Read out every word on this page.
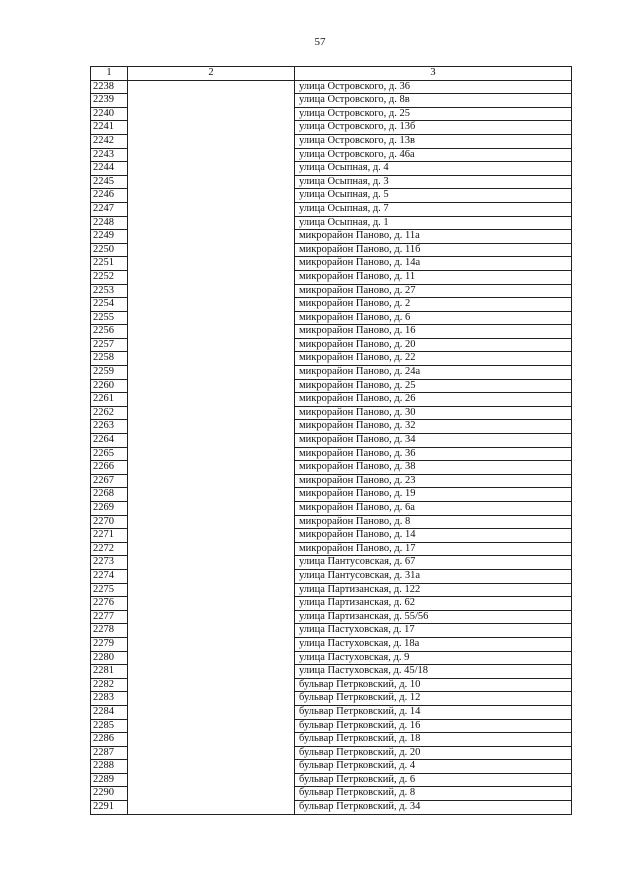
57
1	2	3
2238		улица Островского, д. 36
2239		улица Островского, д. 8в
2240		улица Островского, д. 25
2241		улица Островского, д. 13б
2242		улица Островского, д. 13в
2243		улица Островского, д. 46а
2244		улица Осыпная, д. 4
2245		улица Осыпная, д. 3
2246		улица Осыпная, д. 5
2247		улица Осыпная, д. 7
2248		улица Осыпная, д. 1
2249		микрорайон Паново, д. 11а
2250		микрорайон Паново, д. 11б
2251		микрорайон Паново, д. 14а
2252		микрорайон Паново, д. 11
2253		микрорайон Паново, д. 27
2254		микрорайон Паново, д. 2
2255		микрорайон Паново, д. 6
2256		микрорайон Паново, д. 16
2257		микрорайон Паново, д. 20
2258		микрорайон Паново, д. 22
2259		микрорайон Паново, д. 24а
2260		микрорайон Паново, д. 25
2261		микрорайон Паново, д. 26
2262		микрорайон Паново, д. 30
2263		микрорайон Паново, д. 32
2264		микрорайон Паново, д. 34
2265		микрорайон Паново, д. 36
2266		микрорайон Паново, д. 38
2267		микрорайон Паново, д. 23
2268		микрорайон Паново, д. 19
2269		микрорайон Паново, д. 6а
2270		микрорайон Паново, д. 8
2271		микрорайон Паново, д. 14
2272		микрорайон Паново, д. 17
2273		улица Пантусовская, д. 67
2274		улица Пантусовская, д. 31а
2275		улица Партизанская, д. 122
2276		улица Партизанская, д. 62
2277		улица Партизанская, д. 55/56
2278		улица Пастуховская, д. 17
2279		улица Пастуховская, д. 18а
2280		улица Пастуховская, д. 9
2281		улица Пастуховская, д. 45/18
2282		бульвар Петрковский, д. 10
2283		бульвар Петрковский, д. 12
2284		бульвар Петрковский, д. 14
2285		бульвар Петрковский, д. 16
2286		бульвар Петрковский, д. 18
2287		бульвар Петрковский, д. 20
2288		бульвар Петрковский, д. 4
2289		бульвар Петрковский, д. 6
2290		бульвар Петрковский, д. 8
2291		бульвар Петрковский, д. 34
